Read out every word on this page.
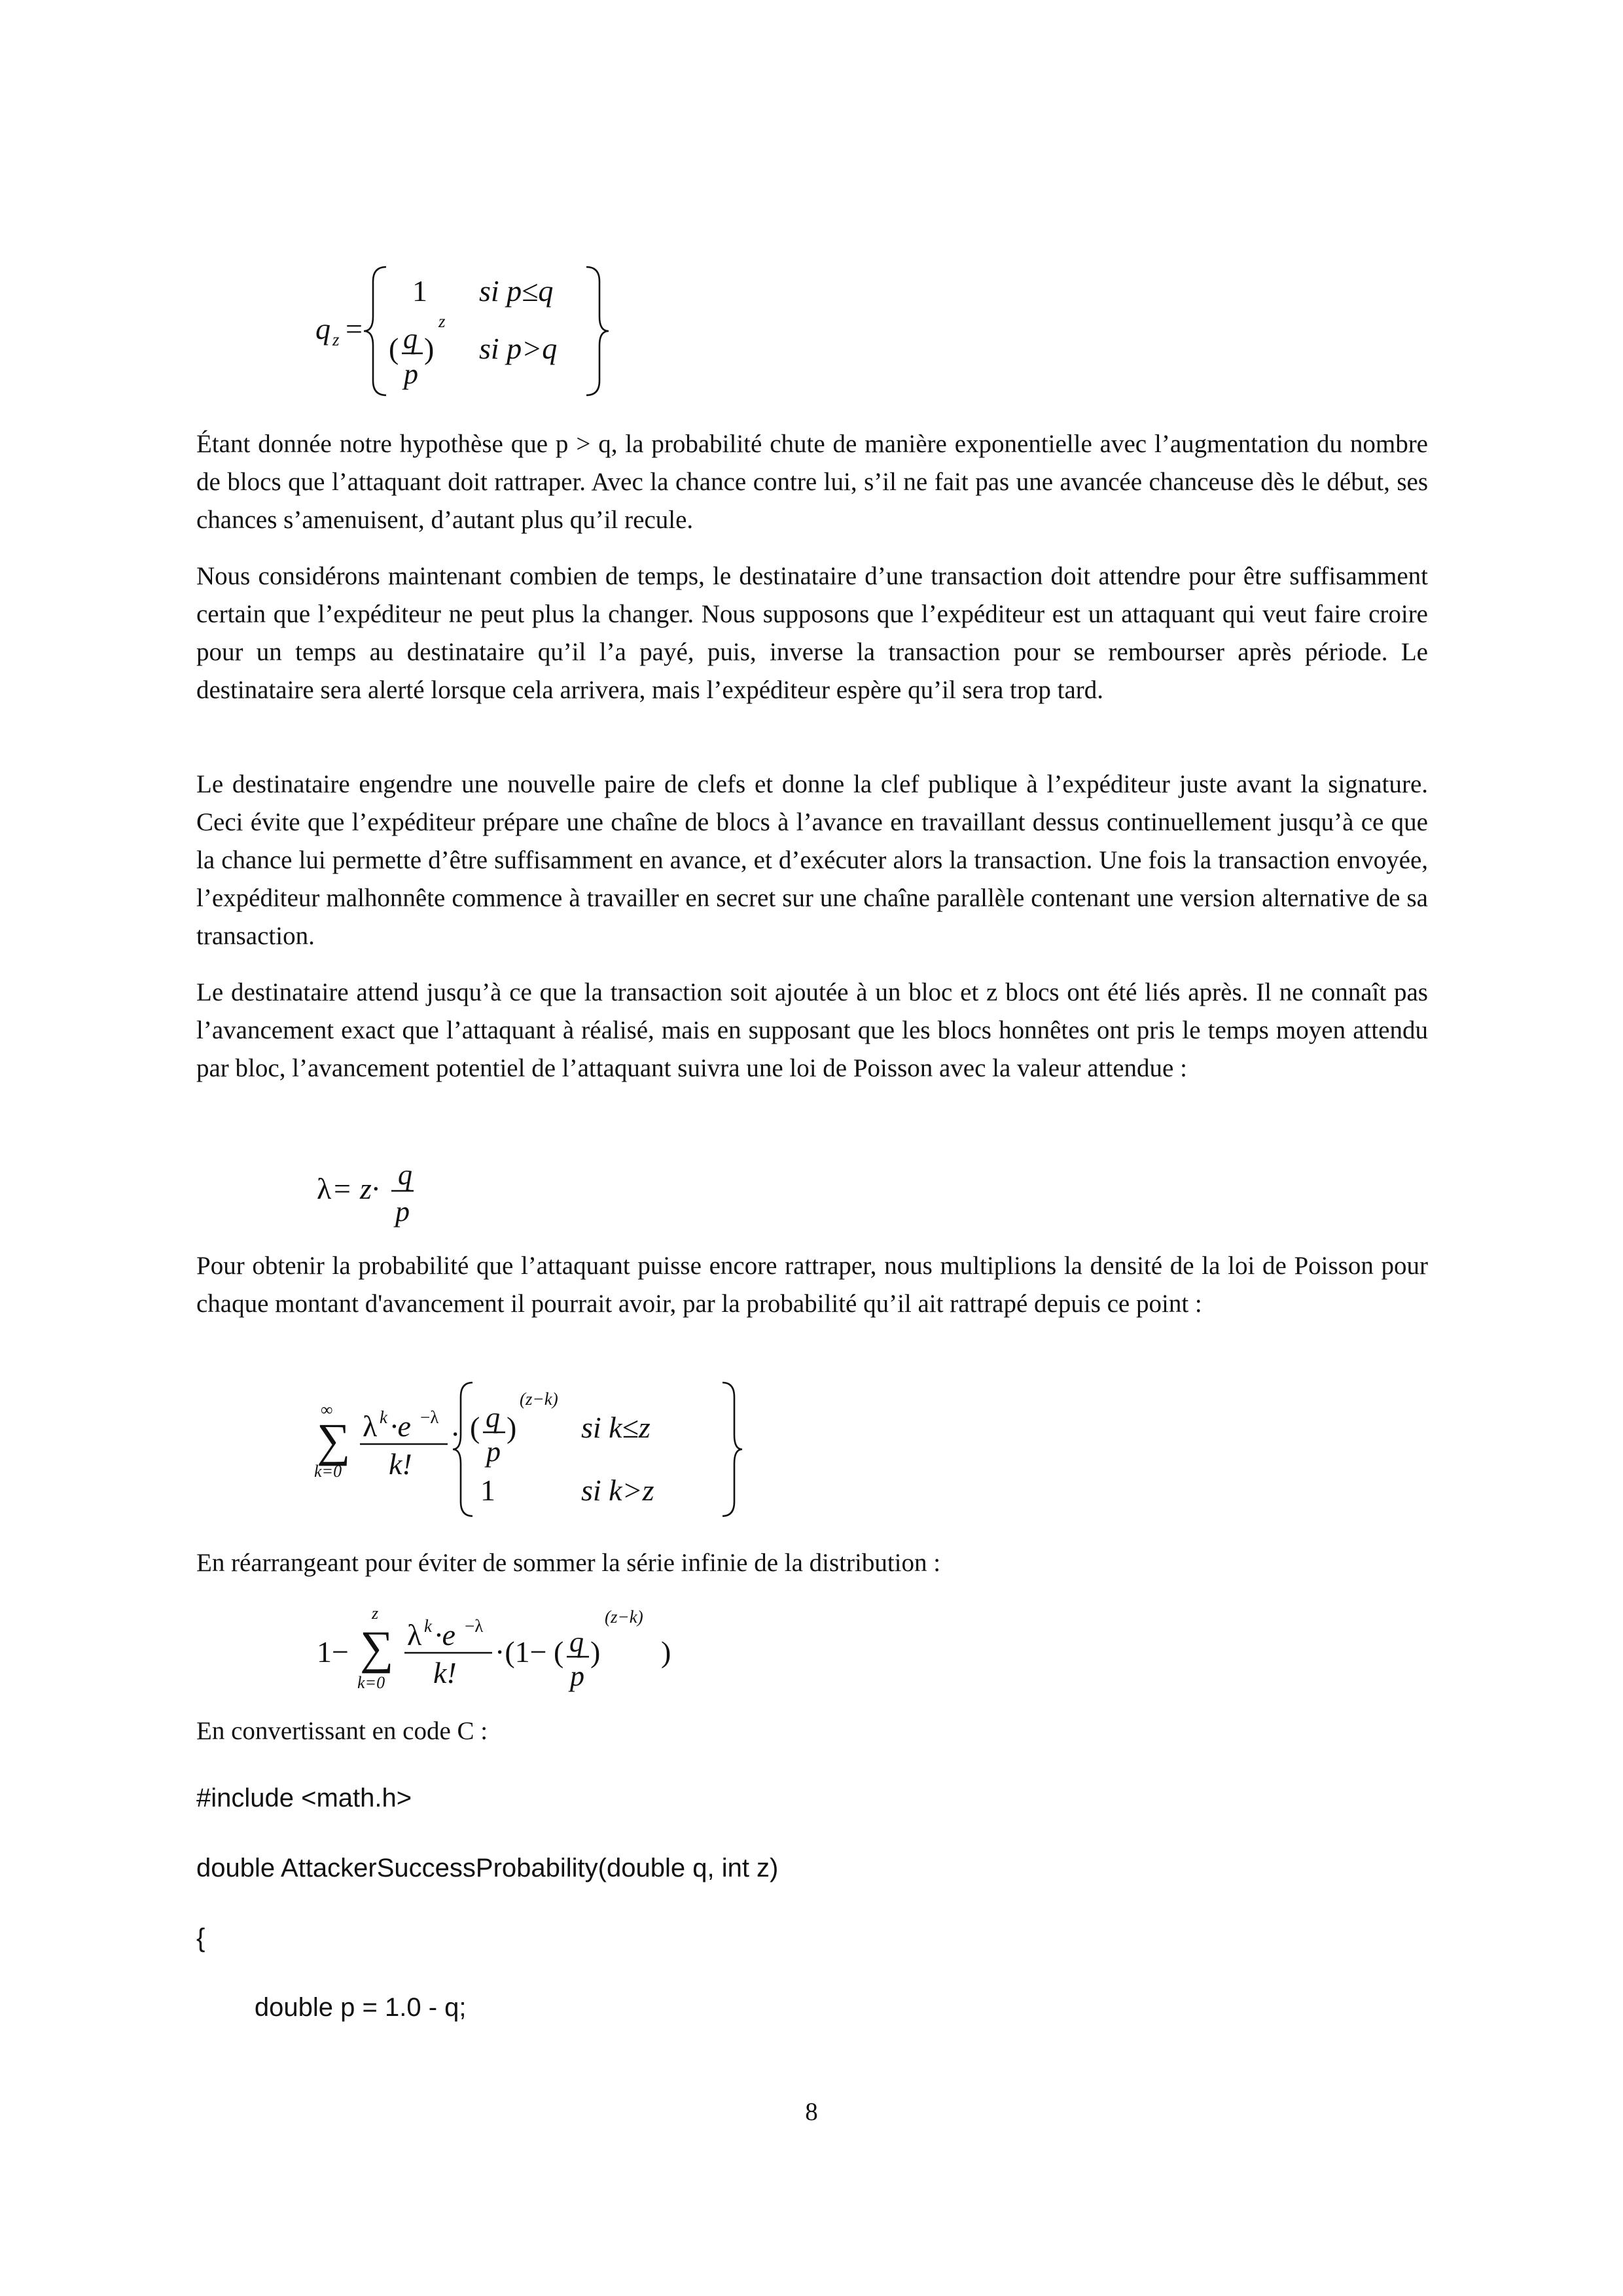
q z =
1 si p≤q
( q
p
)
z
si p>q

Étant donnée notre hypothèse que p > q, la probabilité chute de manière exponentielle avec l’augmentation du nombre de blocs que l’attaquant doit rattraper. Avec la chance contre lui, s’il ne fait pas une avancée chanceuse dès le début, ses chances s’amenuisent, d’autant plus qu’il recule.

Nous considérons maintenant combien de temps, le destinataire d’une transaction doit attendre pour être suffisamment certain que l’expéditeur ne peut plus la changer. Nous supposons que l’expéditeur est un attaquant qui veut faire croire pour un temps au destinataire qu’il l’a payé, puis, inverse la transaction pour se rembourser après période. Le destinataire sera alerté lorsque cela arrivera, mais l’expéditeur espère qu’il sera trop tard.

Le destinataire engendre une nouvelle paire de clefs et donne la clef publique à l’expéditeur juste avant la signature. Ceci évite que l’expéditeur prépare une chaîne de blocs à l’avance en travaillant dessus continuellement jusqu’à ce que la chance lui permette d’être suffisamment en avance, et d’exécuter alors la transaction. Une fois la transaction envoyée, l’expéditeur malhonnête commence à travailler en secret sur une chaîne parallèle contenant une version alternative de sa transaction.

Le destinataire attend jusqu’à ce que la transaction soit ajoutée à un bloc et z blocs ont été liés après. Il ne connaît pas l’avancement exact que l’attaquant à réalisé, mais en supposant que les blocs honnêtes ont pris le temps moyen attendu par bloc, l’avancement potentiel de l’attaquant suivra une loi de Poisson avec la valeur attendue :

λ = z· q
p

Pour obtenir la probabilité que l’attaquant puisse encore rattraper, nous multiplions la densité de la loi de Poisson pour chaque montant d'avancement il pourrait avoir, par la probabilité qu’il ait rattrapé depuis ce point :

∞
∑
k=0
λ k ·e −λ
k!
· ( q
p
)
(z−k)
si k≤z
1	si k>z

En réarrangeant pour éviter de sommer la série infinie de la distribution :

1−
z
∑
k=0
λ k ·e −λ
k!
·(1− ( q
p
)
(z−k)
)

En convertissant en code C :

#include <math.h>
double AttackerSuccessProbability(double q, int z)
{
double p = 1.0 - q;
8
